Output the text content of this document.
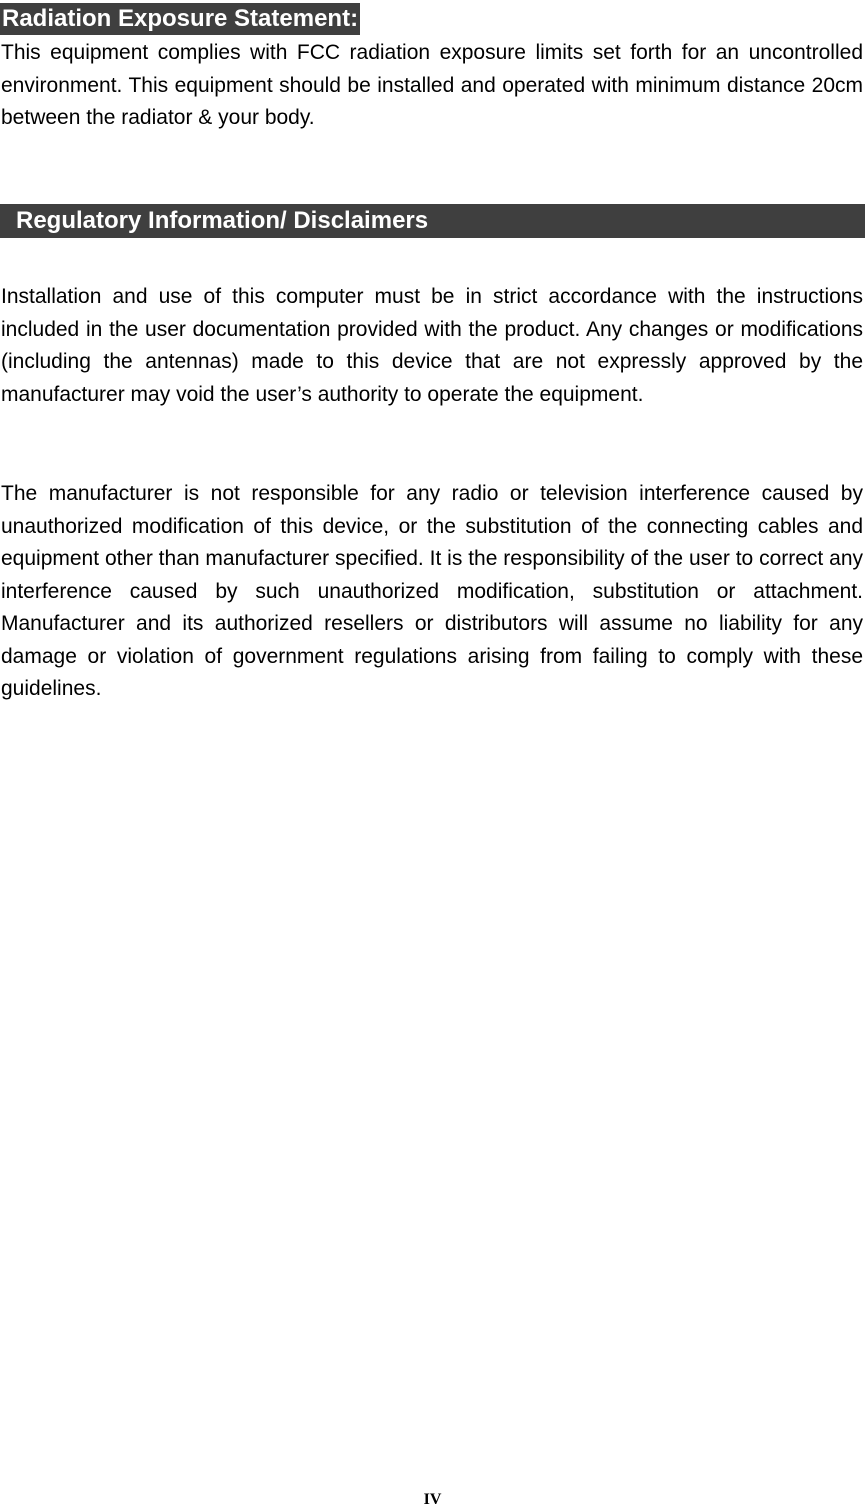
Radiation Exposure Statement:

This equipment complies with FCC radiation exposure limits set forth for an uncontrolled environment. This equipment should be installed and operated with minimum distance 20cm between the radiator & your body.

Regulatory Information/ Disclaimers

Installation and use of this computer must be in strict accordance with the instructions included in the user documentation provided with the product. Any changes or modifications (including the antennas) made to this device that are not expressly approved by the manufacturer may void the user’s authority to operate the equipment.

The manufacturer is not responsible for any radio or television interference caused by unauthorized modification of this device, or the substitution of the connecting cables and equipment other than manufacturer specified. It is the responsibility of the user to correct any interference caused by such unauthorized modification, substitution or attachment. Manufacturer and its authorized resellers or distributors will assume no liability for any damage or violation of government regulations arising from failing to comply with these guidelines.

IV
